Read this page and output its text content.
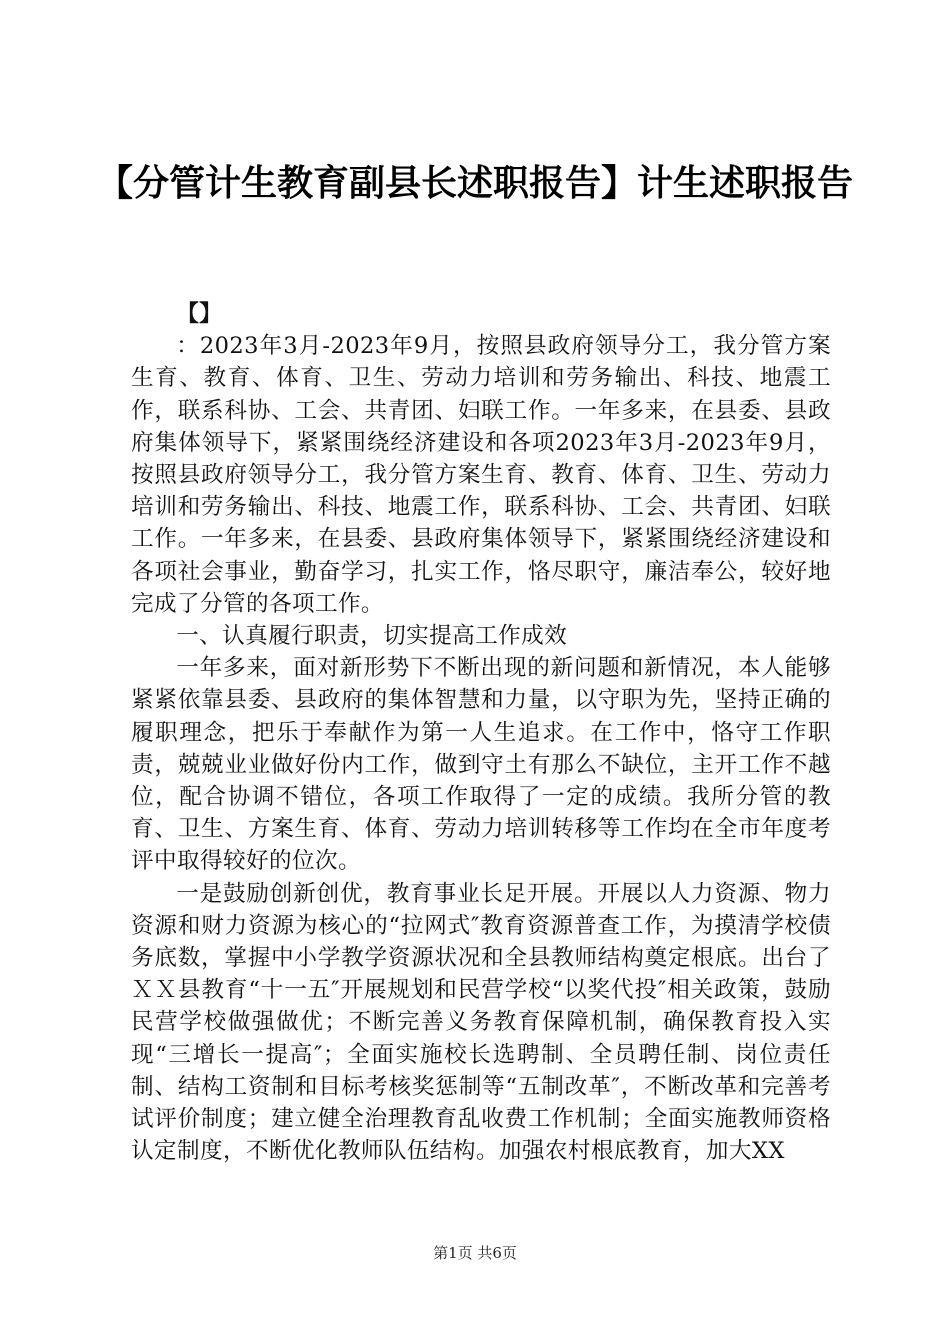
【分管计生教育副县长述职报告】计生述职报告

【】

：2023年3月-2023年9月，按照县政府领导分工，我分管方案生育、教育、体育、卫生、劳动力培训和劳务输出、科技、地震工作，联系科协、工会、共青团、妇联工作。一年多来，在县委、县政府集体领导下，紧紧围绕经济建设和各项2023年3月-2023年9月，按照县政府领导分工，我分管方案生育、教育、体育、卫生、劳动力培训和劳务输出、科技、地震工作，联系科协、工会、共青团、妇联工作。一年多来，在县委、县政府集体领导下，紧紧围绕经济建设和各项社会事业，勤奋学习，扎实工作，恪尽职守，廉洁奉公，较好地完成了分管的各项工作。

一、认真履行职责，切实提高工作成效

一年多来，面对新形势下不断出现的新问题和新情况，本人能够紧紧依靠县委、县政府的集体智慧和力量，以守职为先，坚持正确的履职理念，把乐于奉献作为第一人生追求。在工作中，恪守工作职责，兢兢业业做好份内工作，做到守土有那么不缺位，主开工作不越位，配合协调不错位，各项工作取得了一定的成绩。我所分管的教育、卫生、方案生育、体育、劳动力培训转移等工作均在全市年度考评中取得较好的位次。

一是鼓励创新创优，教育事业长足开展。开展以人力资源、物力资源和财力资源为核心的“拉网式″教育资源普查工作，为摸清学校债务底数，掌握中小学教学资源状况和全县教师结构奠定根底。出台了ＸＸ县教育“十一五″开展规划和民营学校“以奖代投″相关政策，鼓励民营学校做强做优；不断完善义务教育保障机制，确保教育投入实现“三增长一提高″；全面实施校长选聘制、全员聘任制、岗位责任制、结构工资制和目标考核奖惩制等“五制改革″，不断改革和完善考试评价制度；建立健全治理教育乱收费工作机制；全面实施教师资格认定制度，不断优化教师队伍结构。加强农村根底教育，加大XX

第1页 共6页
